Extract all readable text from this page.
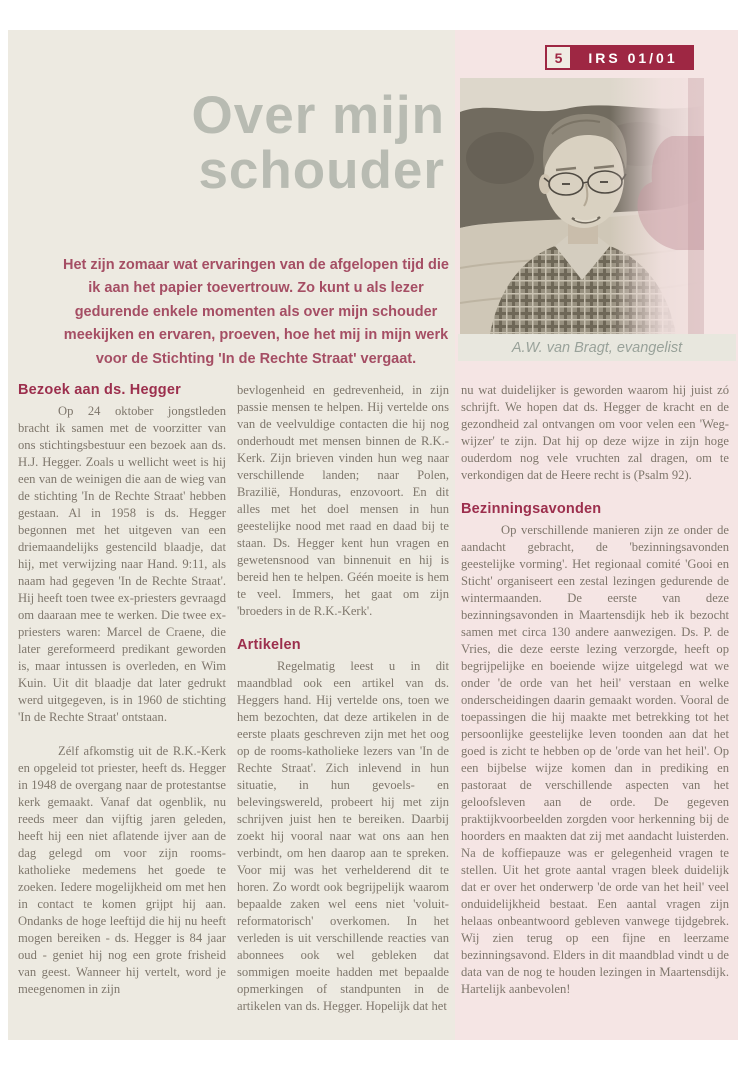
5	IRS 01/01
Over mijn schouder

Het zijn zomaar wat ervaringen van de afgelopen tijd die ik aan het papier toevertrouw. Zo kunt u als lezer gedurende enkele momenten als over mijn schouder meekijken en ervaren, proeven, hoe het mij in mijn werk voor de Stichting 'In de Rechte Straat' vergaat.

A.W. van Bragt, evangelist
Bezoek aan ds. Hegger

Op 24 oktober jongstleden bracht ik samen met de voorzitter van ons stichtingsbestuur een bezoek aan ds. H.J. Hegger. Zoals u wellicht weet is hij een van de weinigen die aan de wieg van de stichting 'In de Rechte Straat' hebben gestaan. Al in 1958 is ds. Hegger begonnen met het uitgeven van een driemaandelijks gestencild blaadje, dat hij, met verwijzing naar Hand. 9:11, als naam had gegeven 'In de Rechte Straat'. Hij heeft toen twee ex-priesters gevraagd om daaraan mee te werken. Die twee ex-priesters waren: Marcel de Craene, die later gereformeerd predikant geworden is, maar intussen is overleden, en Wim Kuin. Uit dit blaadje dat later gedrukt werd uitgegeven, is in 1960 de stichting 'In de Rechte Straat' ontstaan.

Zélf afkomstig uit de R.K.-Kerk en opgeleid tot priester, heeft ds. Hegger in 1948 de overgang naar de protestantse kerk gemaakt. Vanaf dat ogenblik, nu reeds meer dan vijftig jaren geleden, heeft hij een niet aflatende ijver aan de dag gelegd om voor zijn rooms-katholieke medemens het goede te zoeken. Iedere mogelijkheid om met hen in contact te komen grijpt hij aan. Ondanks de hoge leeftijd die hij nu heeft mogen bereiken - ds. Hegger is 84 jaar oud - geniet hij nog een grote frisheid van geest. Wanneer hij vertelt, word je meegenomen in zijn

bevlogenheid en gedrevenheid, in zijn passie mensen te helpen. Hij vertelde ons van de veelvuldige contacten die hij nog onderhoudt met mensen binnen de R.K.-Kerk. Zijn brieven vinden hun weg naar verschillende landen; naar Polen, Brazilië, Honduras, enzovoort. En dit alles met het doel mensen in hun geestelijke nood met raad en daad bij te staan. Ds. Hegger kent hun vragen en gewetensnood van binnenuit en hij is bereid hen te helpen. Géén moeite is hem te veel. Immers, het gaat om zijn 'broeders in de R.K.-Kerk'.

Artikelen

Regelmatig leest u in dit maandblad ook een artikel van ds. Heggers hand. Hij vertelde ons, toen we hem bezochten, dat deze artikelen in de eerste plaats geschreven zijn met het oog op de rooms-katholieke lezers van 'In de Rechte Straat'. Zich inlevend in hun situatie, in hun gevoels- en belevingswereld, probeert hij met zijn schrijven juist hen te bereiken. Daarbij zoekt hij vooral naar wat ons aan hen verbindt, om hen daarop aan te spreken. Voor mij was het verhelderend dit te horen. Zo wordt ook begrijpelijk waarom bepaalde zaken wel eens niet 'voluit-reformatorisch' overkomen. In het verleden is uit verschillende reacties van abonnees ook wel gebleken dat sommigen moeite hadden met bepaalde opmerkingen of standpunten in de artikelen van ds. Hegger. Hopelijk dat het

nu wat duidelijker is geworden waarom hij juist zó schrijft. We hopen dat ds. Hegger de kracht en de gezondheid zal ontvangen om voor velen een 'Weg-wijzer' te zijn. Dat hij op deze wijze in zijn hoge ouderdom nog vele vruchten zal dragen, om te verkondigen dat de Heere recht is (Psalm 92).

Bezinningsavonden

Op verschillende manieren zijn ze onder de aandacht gebracht, de 'bezinningsavonden geestelijke vorming'. Het regionaal comité 'Gooi en Sticht' organiseert een zestal lezingen gedurende de wintermaanden. De eerste van deze bezinningsavonden in Maartensdijk heb ik bezocht samen met circa 130 andere aanwezigen. Ds. P. de Vries, die deze eerste lezing verzorgde, heeft op begrijpelijke en boeiende wijze uitgelegd wat we onder 'de orde van het heil' verstaan en welke onderscheidingen daarin gemaakt worden. Vooral de toepassingen die hij maakte met betrekking tot het persoonlijke geestelijke leven toonden aan dat het goed is zicht te hebben op de 'orde van het heil'. Op een bijbelse wijze komen dan in prediking en pastoraat de verschillende aspecten van het geloofsleven aan de orde. De gegeven praktijkvoorbeelden zorgden voor herkenning bij de hoorders en maakten dat zij met aandacht luisterden. Na de koffiepauze was er gelegenheid vragen te stellen. Uit het grote aantal vragen bleek duidelijk dat er over het onderwerp 'de orde van het heil' veel onduidelijkheid bestaat. Een aantal vragen zijn helaas onbeantwoord gebleven vanwege tijdgebrek. Wij zien terug op een fijne en leerzame bezinningsavond. Elders in dit maandblad vindt u de data van de nog te houden lezingen in Maartensdijk. Hartelijk aanbevolen!
